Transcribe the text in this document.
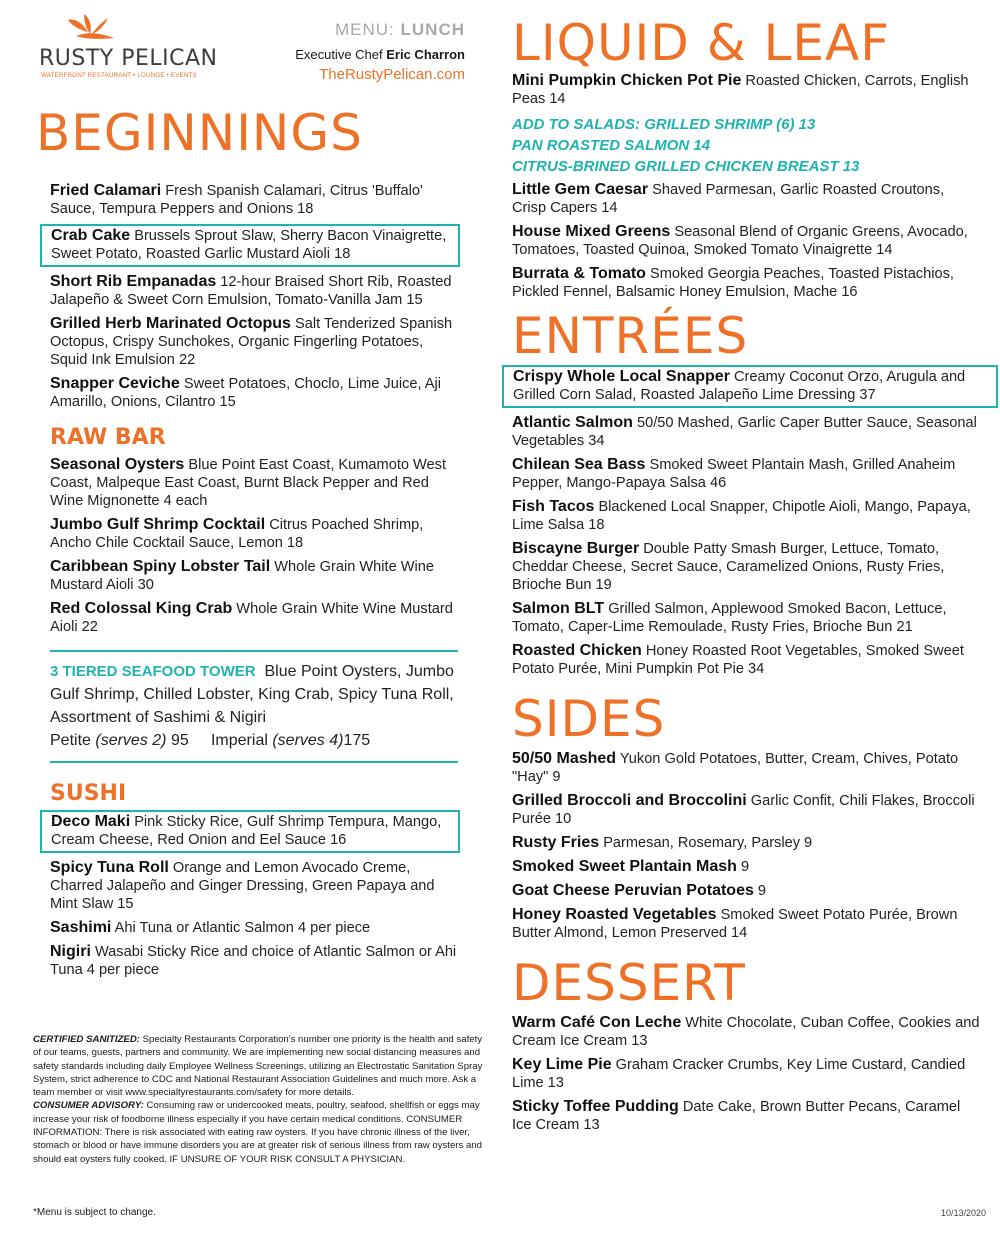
RUSTY PELICAN
WATERFRONT RESTAURANT • LOUNGE • EVENTS
MENU: LUNCH
Executive Chef Eric Charron
TheRustyPelican.com
BEGINNINGS

Fried Calamari Fresh Spanish Calamari, Citrus 'Buffalo' Sauce, Tempura Peppers and Onions 18

Crab Cake Brussels Sprout Slaw, Sherry Bacon Vinaigrette, Sweet Potato, Roasted Garlic Mustard Aioli 18

Short Rib Empanadas 12-hour Braised Short Rib, Roasted Jalapeño & Sweet Corn Emulsion, Tomato-Vanilla Jam 15

Grilled Herb Marinated Octopus Salt Tenderized Spanish Octopus, Crispy Sunchokes, Organic Fingerling Potatoes, Squid Ink Emulsion 22

Snapper Ceviche Sweet Potatoes, Choclo, Lime Juice, Aji Amarillo, Onions, Cilantro 15

RAW BAR

Seasonal Oysters Blue Point East Coast, Kumamoto West Coast, Malpeque East Coast, Burnt Black Pepper and Red Wine Mignonette 4 each

Jumbo Gulf Shrimp Cocktail Citrus Poached Shrimp, Ancho Chile Cocktail Sauce, Lemon 18

Caribbean Spiny Lobster Tail Whole Grain White Wine Mustard Aioli 30

Red Colossal King Crab Whole Grain White Wine Mustard Aioli 22

3 TIERED SEAFOOD TOWER Blue Point Oysters, Jumbo Gulf Shrimp, Chilled Lobster, King Crab, Spicy Tuna Roll, Assortment of Sashimi & Nigiri
Petite (serves 2) 95 Imperial (serves 4)175
SUSHI

Deco Maki Pink Sticky Rice, Gulf Shrimp Tempura, Mango, Cream Cheese, Red Onion and Eel Sauce 16

Spicy Tuna Roll Orange and Lemon Avocado Creme, Charred Jalapeño and Ginger Dressing, Green Papaya and Mint Slaw 15

Sashimi Ahi Tuna or Atlantic Salmon 4 per piece

Nigiri Wasabi Sticky Rice and choice of Atlantic Salmon or Ahi Tuna 4 per piece

LIQUID & LEAF

Mini Pumpkin Chicken Pot Pie Roasted Chicken, Carrots, English Peas 14

ADD TO SALADS: GRILLED SHRIMP (6) 13
PAN ROASTED SALMON 14
CITRUS-BRINED GRILLED CHICKEN BREAST 13

Little Gem Caesar Shaved Parmesan, Garlic Roasted Croutons, Crisp Capers 14

House Mixed Greens Seasonal Blend of Organic Greens, Avocado, Tomatoes, Toasted Quinoa, Smoked Tomato Vinaigrette 14

Burrata & Tomato Smoked Georgia Peaches, Toasted Pistachios, Pickled Fennel, Balsamic Honey Emulsion, Mache 16

ENTRÉES

Crispy Whole Local Snapper Creamy Coconut Orzo, Arugula and Grilled Corn Salad, Roasted Jalapeño Lime Dressing 37

Atlantic Salmon 50/50 Mashed, Garlic Caper Butter Sauce, Seasonal Vegetables 34

Chilean Sea Bass Smoked Sweet Plantain Mash, Grilled Anaheim Pepper, Mango-Papaya Salsa 46

Fish Tacos Blackened Local Snapper, Chipotle Aioli, Mango, Papaya, Lime Salsa 18

Biscayne Burger Double Patty Smash Burger, Lettuce, Tomato, Cheddar Cheese, Secret Sauce, Caramelized Onions, Rusty Fries, Brioche Bun 19

Salmon BLT Grilled Salmon, Applewood Smoked Bacon, Lettuce, Tomato, Caper-Lime Remoulade, Rusty Fries, Brioche Bun 21

Roasted Chicken Honey Roasted Root Vegetables, Smoked Sweet Potato Purée, Mini Pumpkin Pot Pie 34

SIDES

50/50 Mashed Yukon Gold Potatoes, Butter, Cream, Chives, Potato "Hay" 9

Grilled Broccoli and Broccolini Garlic Confit, Chili Flakes, Broccoli Purée 10

Rusty Fries Parmesan, Rosemary, Parsley 9

Smoked Sweet Plantain Mash 9

Goat Cheese Peruvian Potatoes 9

Honey Roasted Vegetables Smoked Sweet Potato Purée, Brown Butter Almond, Lemon Preserved 14

DESSERT

Warm Café Con Leche White Chocolate, Cuban Coffee, Cookies and Cream Ice Cream 13

Key Lime Pie Graham Cracker Crumbs, Key Lime Custard, Candied Lime 13

Sticky Toffee Pudding Date Cake, Brown Butter Pecans, Caramel Ice Cream 13

CERTIFIED SANITIZED: Specialty Restaurants Corporation's number one priority is the health and safety of our teams, guests, partners and community. We are implementing new social distancing measures and safety standards including daily Employee Wellness Screenings, utilizing an Electrostatic Sanitation Spray System, strict adherence to CDC and National Restaurant Association Guidelines and much more. Ask a team member or visit www.specialtyrestaurants.com/safety for more details.

CONSUMER ADVISORY: Consuming raw or undercooked meats, poultry, seafood, shellfish or eggs may increase your risk of foodborne illness especially if you have certain medical conditions. CONSUMER INFORMATION: There is risk associated with eating raw oysters. If you have chronic illness of the liver, stomach or blood or have immune disorders you are at greater risk of serious illness from raw oysters and should eat oysters fully cooked. IF UNSURE OF YOUR RISK CONSULT A PHYSICIAN.

*Menu is subject to change.	10/13/2020
